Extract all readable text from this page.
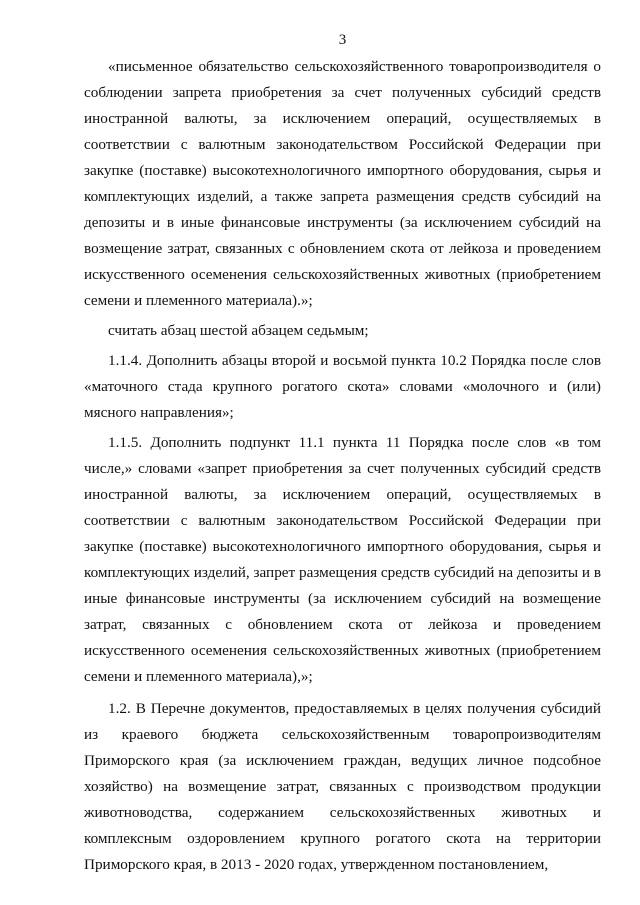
3

«письменное обязательство сельскохозяйственного товаропроизводителя о соблюдении запрета приобретения за счет полученных субсидий средств иностранной валюты, за исключением операций, осуществляемых в соответствии с валютным законодательством Российской Федерации при закупке (поставке) высокотехнологичного импортного оборудования, сырья и комплектующих изделий, а также запрета размещения средств субсидий на депозиты и в иные финансовые инструменты (за исключением субсидий на возмещение затрат, связанных с обновлением скота от лейкоза и проведением искусственного осеменения сельскохозяйственных животных (приобретением семени и племенного материала).»;

считать абзац шестой абзацем седьмым;

1.1.4. Дополнить абзацы второй и восьмой пункта 10.2 Порядка после слов «маточного стада крупного рогатого скота» словами «молочного и (или) мясного направления»;

1.1.5. Дополнить подпункт 11.1 пункта 11 Порядка после слов «в том числе,» словами «запрет приобретения за счет полученных субсидий средств иностранной валюты, за исключением операций, осуществляемых в соответствии с валютным законодательством Российской Федерации при закупке (поставке) высокотехнологичного импортного оборудования, сырья и комплектующих изделий, запрет размещения средств субсидий на депозиты и в иные финансовые инструменты (за исключением субсидий на возмещение затрат, связанных с обновлением скота от лейкоза и проведением искусственного осеменения сельскохозяйственных животных (приобретением семени и племенного материала),»;

1.2. В Перечне документов, предоставляемых в целях получения субсидий из краевого бюджета сельскохозяйственным товаропроизводителям Приморского края (за исключением граждан, ведущих личное подсобное хозяйство) на возмещение затрат, связанных с производством продукции животноводства, содержанием сельскохозяйственных животных и комплексным оздоровлением крупного рогатого скота на территории Приморского края, в 2013 - 2020 годах, утвержденном постановлением,
